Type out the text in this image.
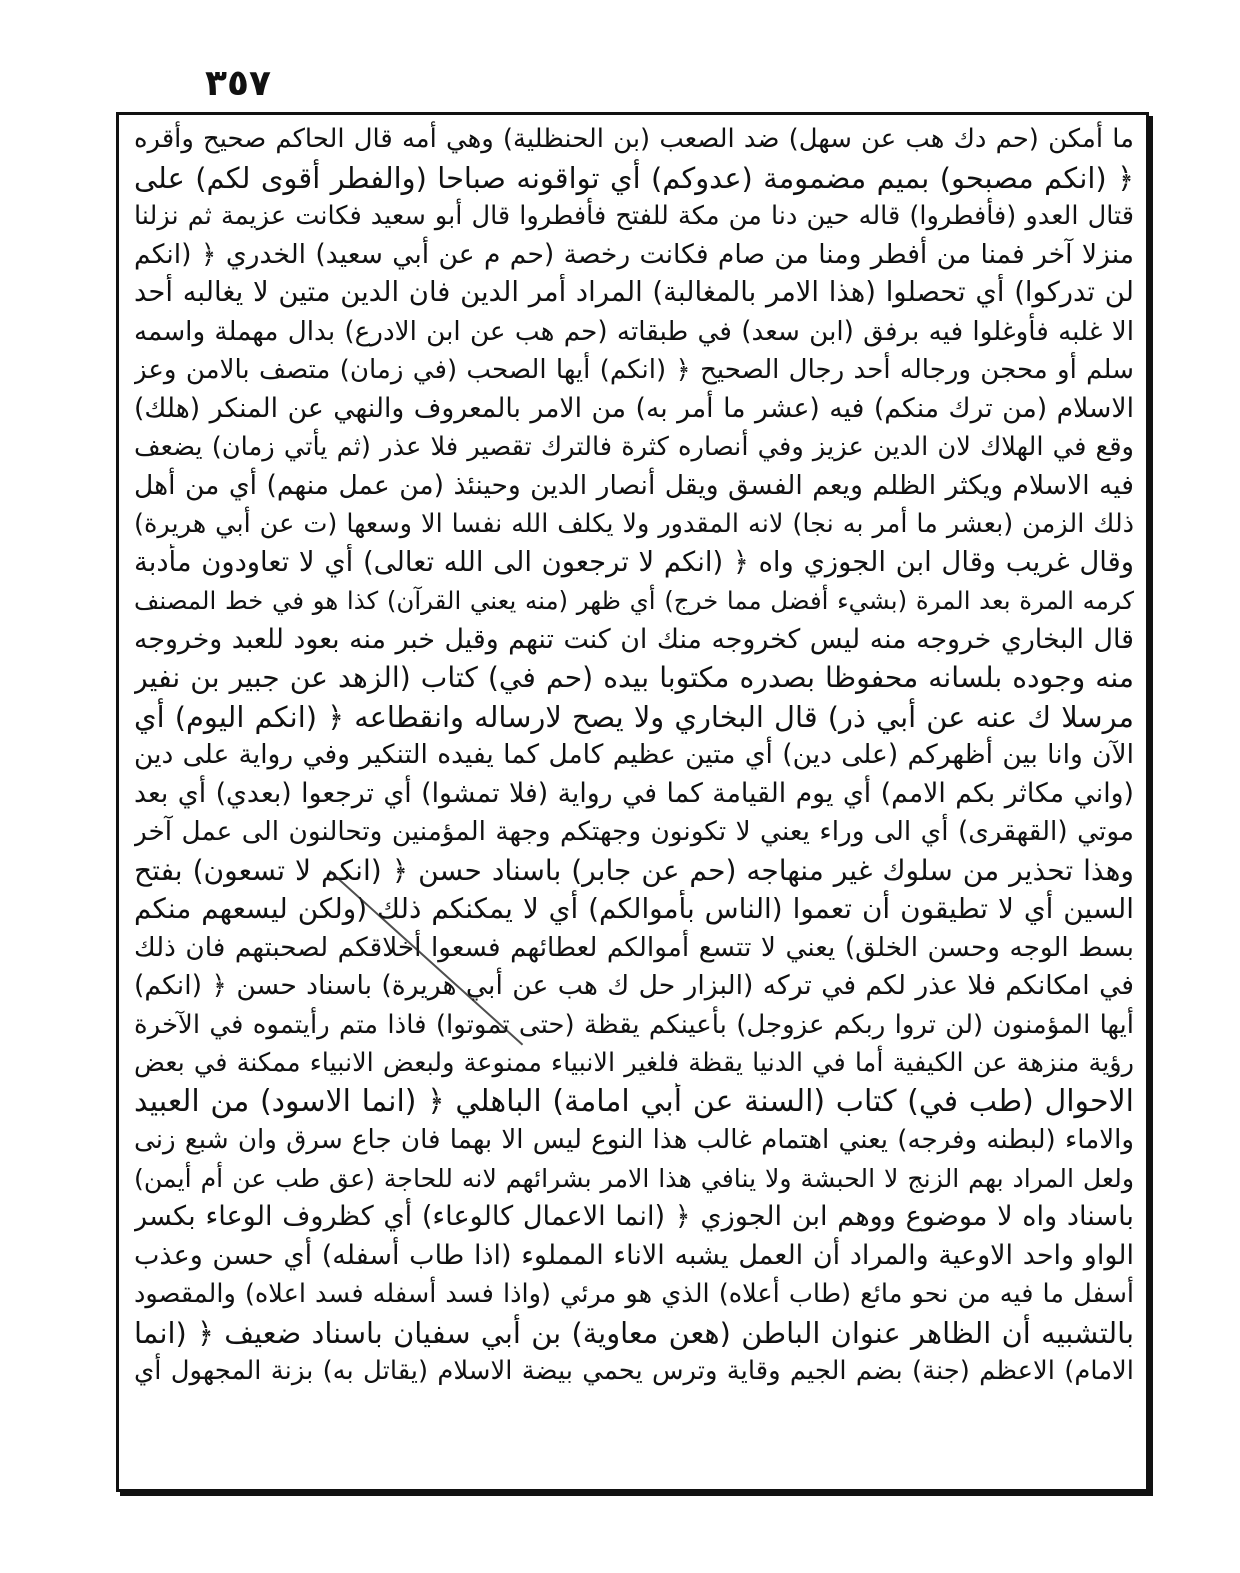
٣٥٧
ما أمكن (حم دك هب عن سهل) ضد الصعب (بن الحنظلية) وهي أمه قال الحاكم صحيح وأقره
﴿ (انكم مصبحو) بميم مضمومة (عدوكم) أي تواقونه صباحا (والفطر أقوى لكم) على
قتال العدو (فأفطروا) قاله حين دنا من مكة للفتح فأفطروا قال أبو سعيد فكانت عزيمة ثم نزلنا
منزلا آخر فمنا من أفطر ومنا من صام فكانت رخصة (حم م عن أبي سعيد) الخدري ﴿ (انكم
لن تدركوا) أي تحصلوا (هذا الامر بالمغالبة) المراد أمر الدين فان الدين متين لا يغالبه أحد
الا غلبه فأوغلوا فيه برفق (ابن سعد) في طبقاته (حم هب عن ابن الادرع) بدال مهملة واسمه
سلم أو محجن ورجاله أحد رجال الصحيح ﴿ (انكم) أيها الصحب (في زمان) متصف بالامن وعز
الاسلام (من ترك منكم) فيه (عشر ما أمر به) من الامر بالمعروف والنهي عن المنكر (هلك)
وقع في الهلاك لان الدين عزيز وفي أنصاره كثرة فالترك تقصير فلا عذر (ثم يأتي زمان) يضعف
فيه الاسلام ويكثر الظلم ويعم الفسق ويقل أنصار الدين وحينئذ (من عمل منهم) أي من أهل
ذلك الزمن (بعشر ما أمر به نجا) لانه المقدور ولا يكلف الله نفسا الا وسعها (ت عن أبي هريرة)
وقال غريب وقال ابن الجوزي واه ﴿ (انكم لا ترجعون الى الله تعالى) أي لا تعاودون مأدبة
كرمه المرة بعد المرة (بشيء أفضل مما خرج) أي ظهر (منه يعني القرآن) كذا هو في خط المصنف
قال البخاري خروجه منه ليس كخروجه منك ان كنت تنهم وقيل خبر منه بعود للعبد وخروجه
منه وجوده بلسانه محفوظا بصدره مكتوبا بيده (حم في) كتاب (الزهد عن جبير بن نفير
مرسلا ك عنه عن أبي ذر) قال البخاري ولا يصح لارساله وانقطاعه ﴿ (انكم اليوم) أي
الآن وانا بين أظهركم (على دين) أي متين عظيم كامل كما يفيده التنكير وفي رواية على دين
(واني مكاثر بكم الامم) أي يوم القيامة كما في رواية (فلا تمشوا) أي ترجعوا (بعدي) أي بعد
موتي (القهقرى) أي الى وراء يعني لا تكونون وجهتكم وجهة المؤمنين وتحالنون الى عمل آخر
وهذا تحذير من سلوك غير منهاجه (حم عن جابر) باسناد حسن ﴿ (انكم لا تسعون) بفتح
السين أي لا تطيقون أن تعموا (الناس بأموالكم) أي لا يمكنكم ذلك (ولكن ليسعهم منكم
بسط الوجه وحسن الخلق) يعني لا تتسع أموالكم لعطائهم فسعوا أخلاقكم لصحبتهم فان ذلك
في امكانكم فلا عذر لكم في تركه (البزار حل ك هب عن أبي هريرة) باسناد حسن ﴿ (انكم)
أيها المؤمنون (لن تروا ربكم عزوجل) بأعينكم يقظة (حتى تموتوا) فاذا متم رأيتموه في الآخرة
رؤية منزهة عن الكيفية أما في الدنيا يقظة فلغير الانبياء ممنوعة ولبعض الانبياء ممكنة في بعض
الاحوال (طب في) كتاب (السنة عن أبي امامة) الباهلي ﴿ (انما الاسود) من العبيد
والاماء (لبطنه وفرجه) يعني اهتمام غالب هذا النوع ليس الا بهما فان جاع سرق وان شبع زنى
ولعل المراد بهم الزنج لا الحبشة ولا ينافي هذا الامر بشرائهم لانه للحاجة (عق طب عن أم أيمن)
باسناد واه لا موضوع ووهم ابن الجوزي ﴿ (انما الاعمال كالوعاء) أي كظروف الوعاء بكسر
الواو واحد الاوعية والمراد أن العمل يشبه الاناء المملوء (اذا طاب أسفله) أي حسن وعذب
أسفل ما فيه من نحو مائع (طاب أعلاه) الذي هو مرئي (واذا فسد أسفله فسد اعلاه) والمقصود
بالتشبيه أن الظاهر عنوان الباطن (هعن معاوية) بن أبي سفيان باسناد ضعيف ﴿ (انما
الامام) الاعظم (جنة) بضم الجيم وقاية وترس يحمي بيضة الاسلام (يقاتل به) بزنة المجهول أي
